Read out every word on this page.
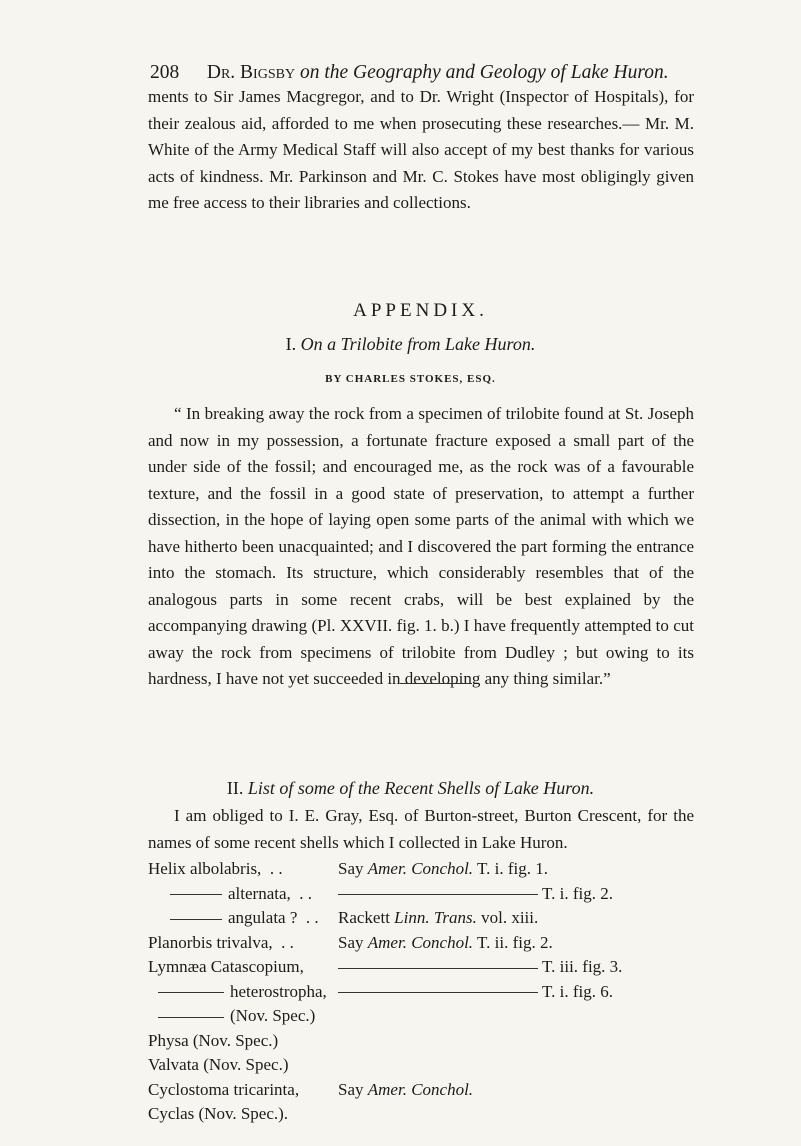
208 Dr. Bigsby on the Geography and Geology of Lake Huron.
ments to Sir James Macgregor, and to Dr. Wright (Inspector of Hospitals), for their zealous aid, afforded to me when prosecuting these researches.— Mr. M. White of the Army Medical Staff will also accept of my best thanks for various acts of kindness. Mr. Parkinson and Mr. C. Stokes have most obligingly given me free access to their libraries and collections.
APPENDIX.
I. On a Trilobite from Lake Huron.
BY CHARLES STOKES, ESQ.
“ In breaking away the rock from a specimen of trilobite found at St. Joseph and now in my possession, a fortunate fracture exposed a small part of the under side of the fossil; and encouraged me, as the rock was of a favourable texture, and the fossil in a good state of preservation, to attempt a further dissection, in the hope of laying open some parts of the animal with which we have hitherto been unacquainted; and I discovered the part forming the entrance into the stomach. Its structure, which considerably resembles that of the analogous parts in some recent crabs, will be best explained by the accompanying drawing (Pl. XXVII. fig. 1. b.) I have frequently attempted to cut away the rock from specimens of trilobite from Dudley ; but owing to its hardness, I have not yet succeeded in developing any thing similar.”
II. List of some of the Recent Shells of Lake Huron.
I am obliged to I. E. Gray, Esq. of Burton-street, Burton Crescent, for the names of some recent shells which I collected in Lake Huron.
Helix albolabris, . .	Say Amer. Conchol. T. i. fig. 1.
alternata, . .	T. i. fig. 2.
angulata ? . . Rackett Linn. Trans. vol. xiii.
Planorbis trivalva, . .	Say Amer. Conchol. T. ii. fig. 2.
Lymnæa Catascopium,	T. iii. fig. 3.
heterostropha,	T. i. fig. 6.
(Nov. Spec.)
Physa (Nov. Spec.)
Valvata (Nov. Spec.)
Cyclostoma tricarinta, Say Amer. Conchol.
Cyclas (Nov. Spec.).
